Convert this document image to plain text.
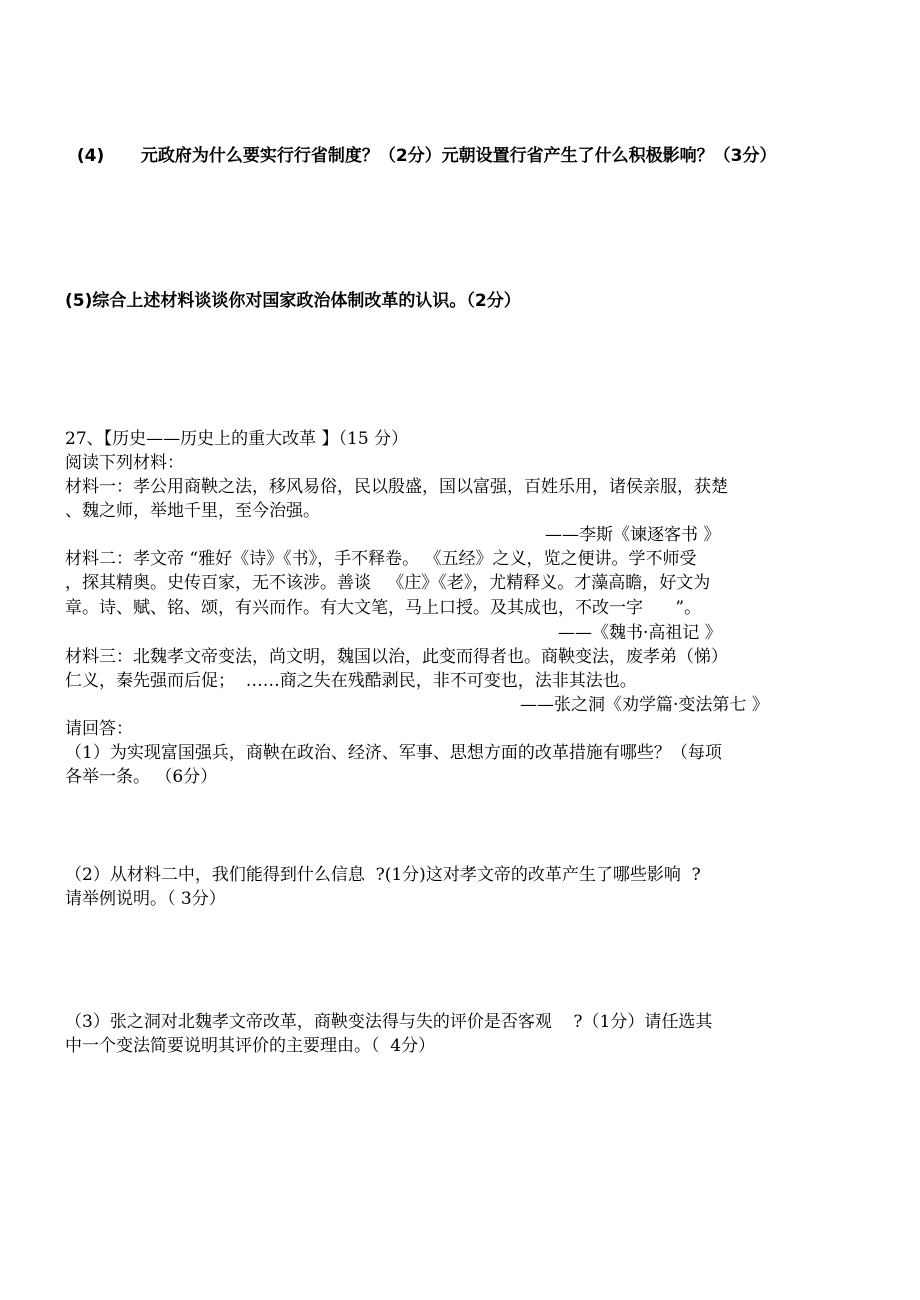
(4) 元政府为什么要实行行省制度？（2分）元朝设置行省产生了什么积极影响？（3分）

(5)综合上述材料谈谈你对国家政治体制改革的认识。（2分）
27、【历史——历史上的重大改革 】（15 分）
阅读下列材料：
材料一：孝公用商鞅之法，移风易俗，民以殷盛，国以富强，百姓乐用，诸侯亲服，获楚
、魏之师，举地千里，至今治强。
——李斯《谏逐客书 》
材料二：孝文帝 “雅好《诗》《书》，手不释卷。 《五经》之义，览之便讲。学不师受
，探其精奥。史传百家，无不该涉。善谈   《庄》《老》，尤精释义。才藻高瞻，好文为
章。诗、赋、铭、颂，有兴而作。有大文笔，马上口授。及其成也，不改一字      ”。
——《魏书·高祖记 》
材料三：北魏孝文帝变法，尚文明，魏国以治，此变而得者也。商鞅变法，废孝弟（悌）
仁义，秦先强而后促；  ……商之失在残酷剥民，非不可变也，法非其法也。
——张之洞《劝学篇·变法第七 》
请回答：
（1）为实现富国强兵，商鞅在政治、经济、军事、思想方面的改革措施有哪些？（每项
各举一条。 （6分）
（2）从材料二中，我们能得到什么信息  ?(1分)这对孝文帝的改革产生了哪些影响  ?
请举例说明。（ 3分）
（3）张之洞对北魏孝文帝改革，商鞅变法得与失的评价是否客观    ?（1分）请任选其
中一个变法简要说明其评价的主要理由。（  4分）
